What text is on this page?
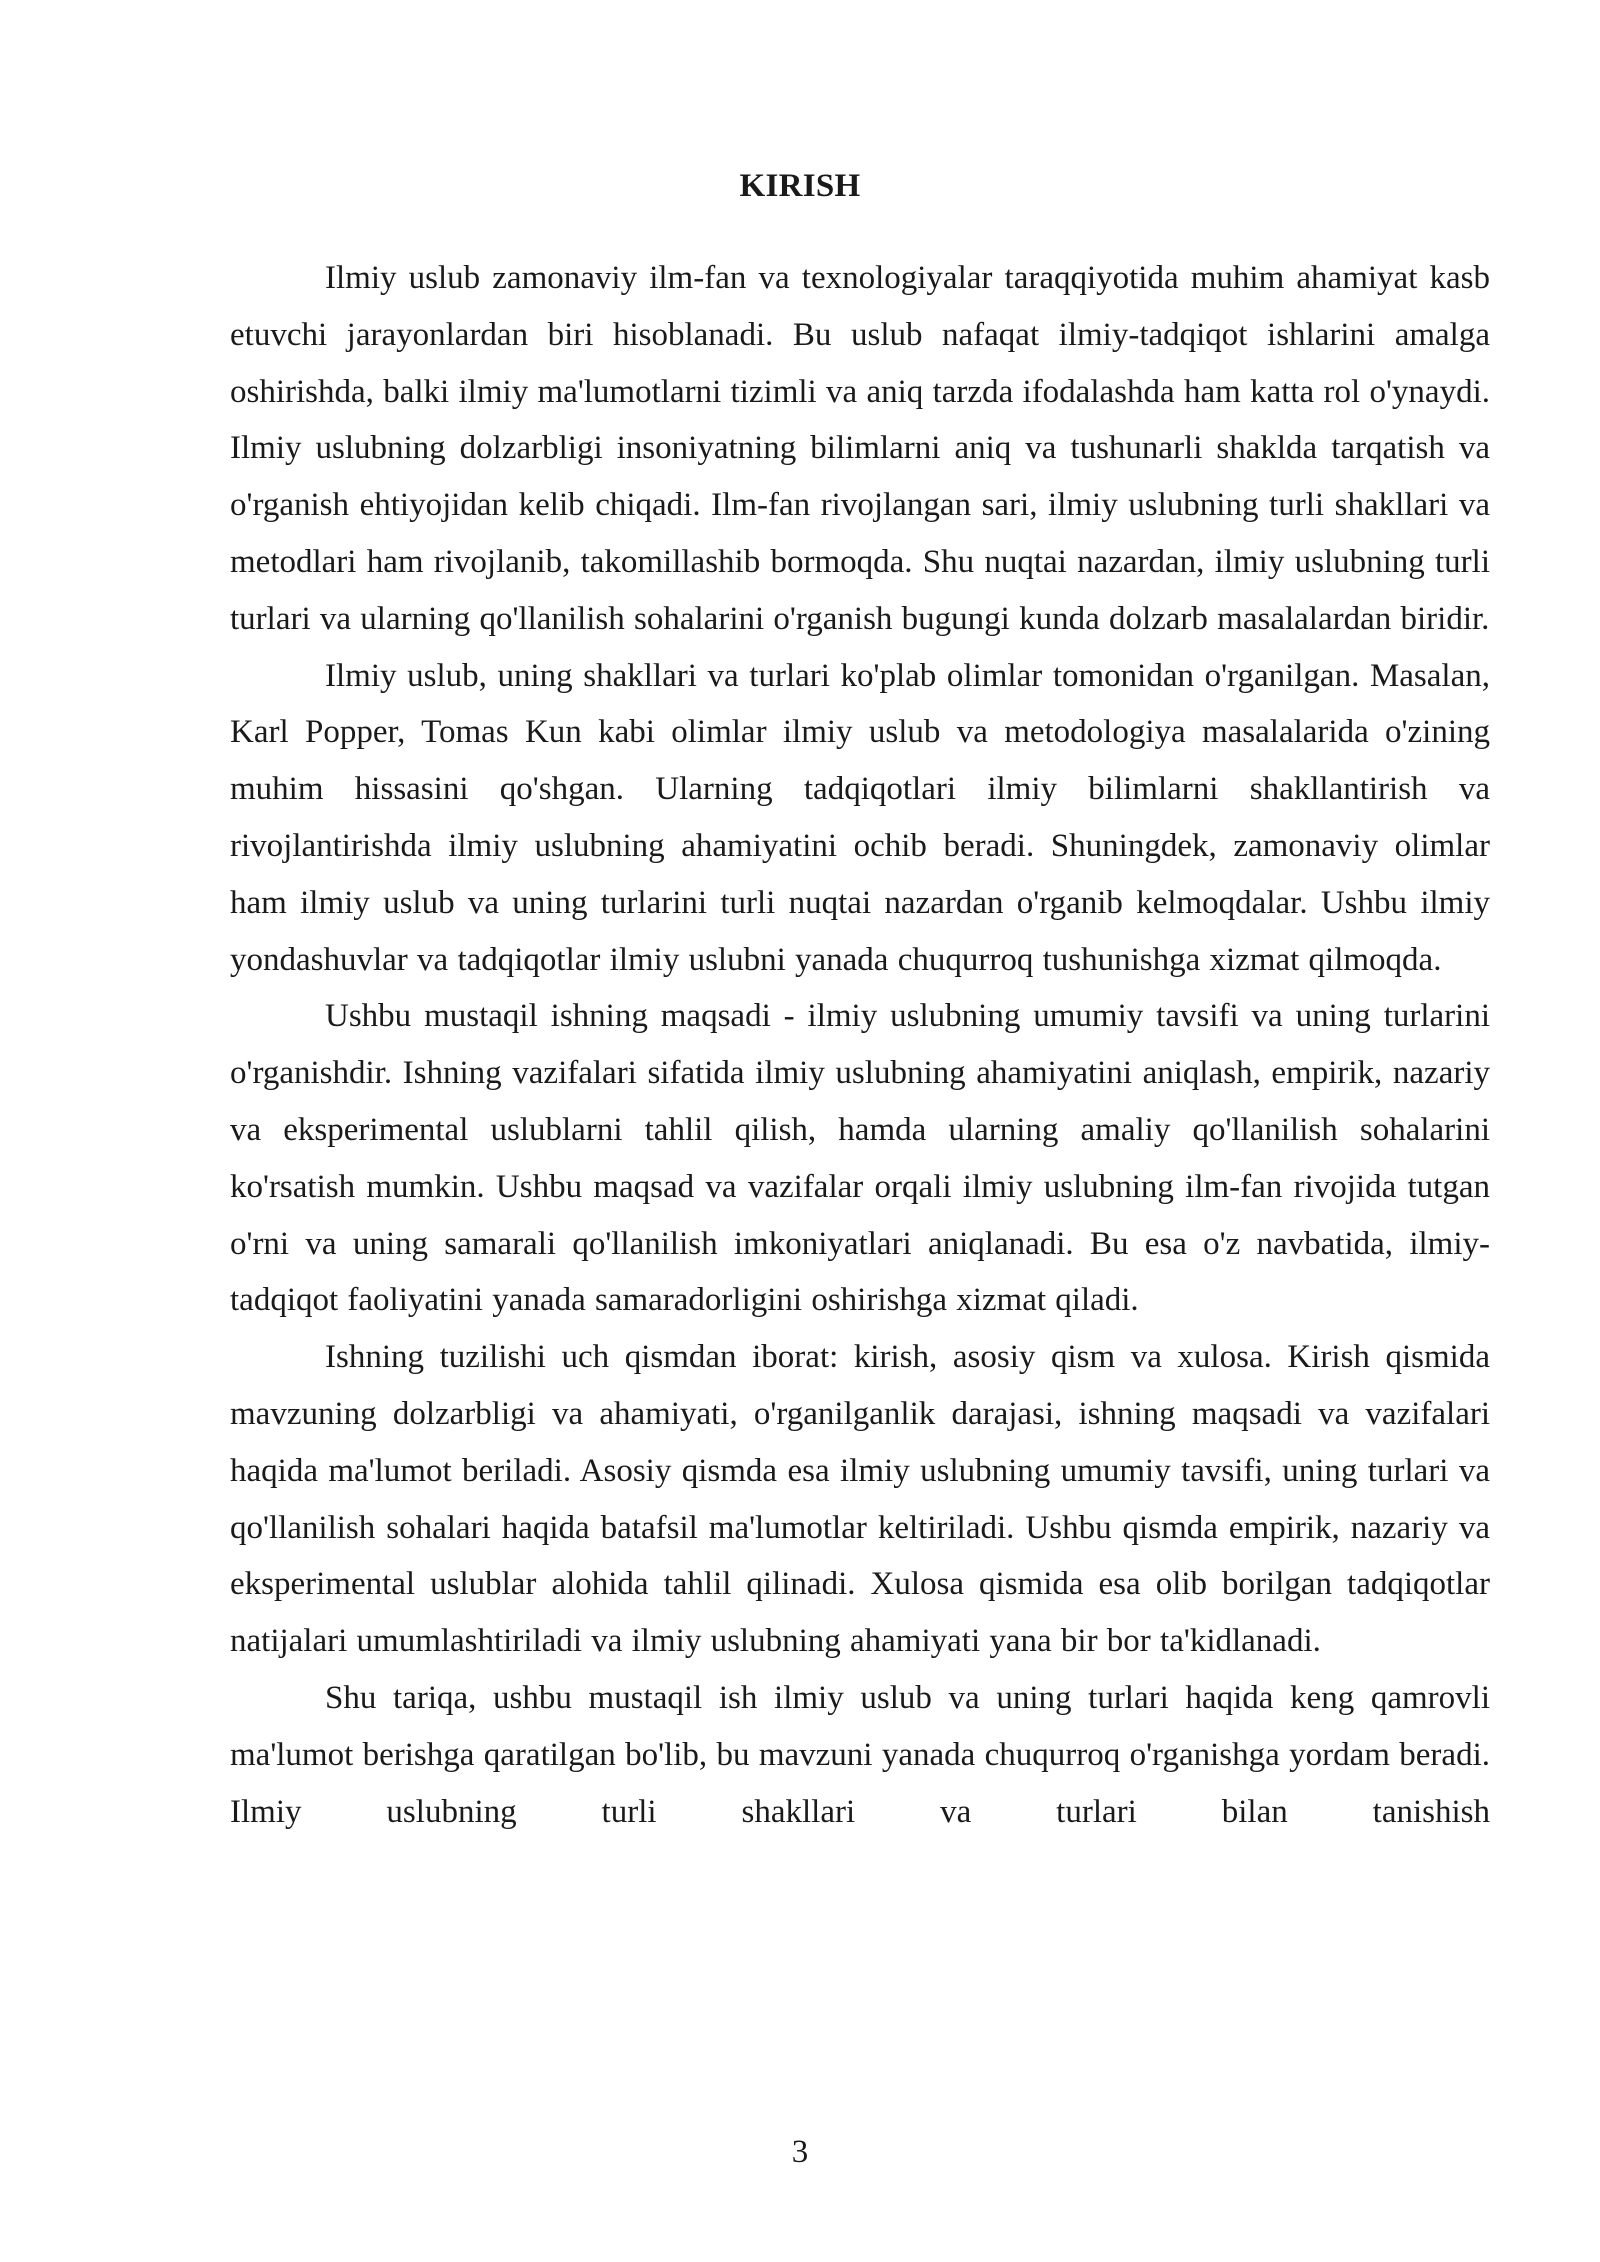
KIRISH

Ilmiy uslub zamonaviy ilm-fan va texnologiyalar taraqqiyotida muhim ahamiyat kasb etuvchi jarayonlardan biri hisoblanadi. Bu uslub nafaqat ilmiy-tadqiqot ishlarini amalga oshirishda, balki ilmiy ma'lumotlarni tizimli va aniq tarzda ifodalashda ham katta rol o'ynaydi. Ilmiy uslubning dolzarbligi insoniyatning bilimlarni aniq va tushunarli shaklda tarqatish va o'rganish ehtiyojidan kelib chiqadi. Ilm-fan rivojlangan sari, ilmiy uslubning turli shakllari va metodlari ham rivojlanib, takomillashib bormoqda. Shu nuqtai nazardan, ilmiy uslubning turli turlari va ularning qo'llanilish sohalarini o'rganish bugungi kunda dolzarb masalalardan biridir.

Ilmiy uslub, uning shakllari va turlari ko'plab olimlar tomonidan o'rganilgan. Masalan, Karl Popper, Tomas Kun kabi olimlar ilmiy uslub va metodologiya masalalarida o'zining muhim hissasini qo'shgan. Ularning tadqiqotlari ilmiy bilimlarni shakllantirish va rivojlantirishda ilmiy uslubning ahamiyatini ochib beradi. Shuningdek, zamonaviy olimlar ham ilmiy uslub va uning turlarini turli nuqtai nazardan o'rganib kelmoqdalar. Ushbu ilmiy yondashuvlar va tadqiqotlar ilmiy uslubni yanada chuqurroq tushunishga xizmat qilmoqda.

Ushbu mustaqil ishning maqsadi - ilmiy uslubning umumiy tavsifi va uning turlarini o'rganishdir. Ishning vazifalari sifatida ilmiy uslubning ahamiyatini aniqlash, empirik, nazariy va eksperimental uslublarni tahlil qilish, hamda ularning amaliy qo'llanilish sohalarini ko'rsatish mumkin. Ushbu maqsad va vazifalar orqali ilmiy uslubning ilm-fan rivojida tutgan o'rni va uning samarali qo'llanilish imkoniyatlari aniqlanadi. Bu esa o'z navbatida, ilmiy-tadqiqot faoliyatini yanada samaradorligini oshirishga xizmat qiladi.

Ishning tuzilishi uch qismdan iborat: kirish, asosiy qism va xulosa. Kirish qismida mavzuning dolzarbligi va ahamiyati, o'rganilganlik darajasi, ishning maqsadi va vazifalari haqida ma'lumot beriladi. Asosiy qismda esa ilmiy uslubning umumiy tavsifi, uning turlari va qo'llanilish sohalari haqida batafsil ma'lumotlar keltiriladi. Ushbu qismda empirik, nazariy va eksperimental uslublar alohida tahlil qilinadi. Xulosa qismida esa olib borilgan tadqiqotlar natijalari umumlashtiriladi va ilmiy uslubning ahamiyati yana bir bor ta'kidlanadi.

Shu tariqa, ushbu mustaqil ish ilmiy uslub va uning turlari haqida keng qamrovli ma'lumot berishga qaratilgan bo'lib, bu mavzuni yanada chuqurroq o'rganishga yordam beradi. Ilmiy uslubning turli shakllari va turlari bilan tanishish

3
